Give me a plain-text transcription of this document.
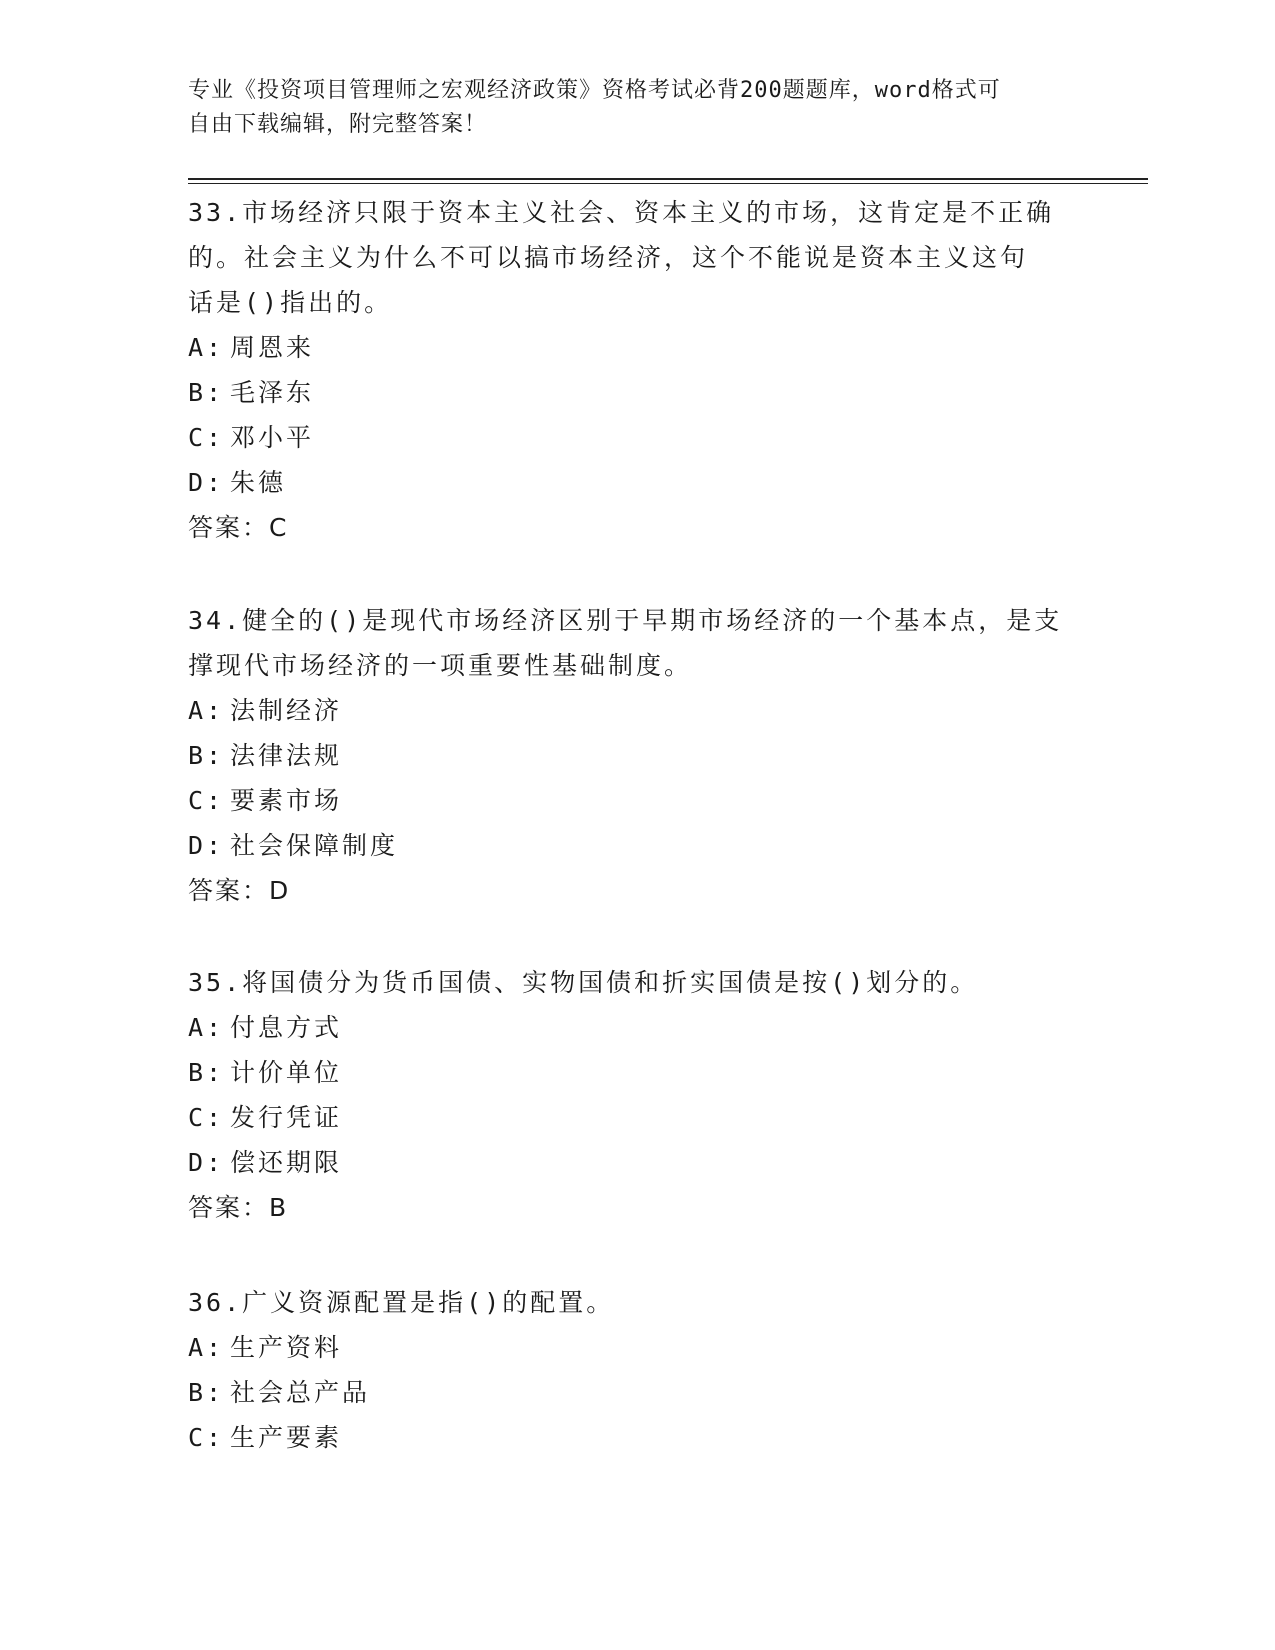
专业《投资项目管理师之宏观经济政策》资格考试必背200题题库，word格式可
自由下载编辑，附完整答案！
33.市场经济只限于资本主义社会、资本主义的市场，这肯定是不正确
的。社会主义为什么不可以搞市场经济，这个不能说是资本主义这句
话是()指出的。
A: 周恩来
B: 毛泽东
C: 邓小平
D: 朱德
答案：C
34.健全的()是现代市场经济区别于早期市场经济的一个基本点，是支
撑现代市场经济的一项重要性基础制度。
A: 法制经济
B: 法律法规
C: 要素市场
D: 社会保障制度
答案：D
35.将国债分为货币国债、实物国债和折实国债是按()划分的。
A: 付息方式
B: 计价单位
C: 发行凭证
D: 偿还期限
答案：B
36.广义资源配置是指()的配置。
A: 生产资料
B: 社会总产品
C: 生产要素
